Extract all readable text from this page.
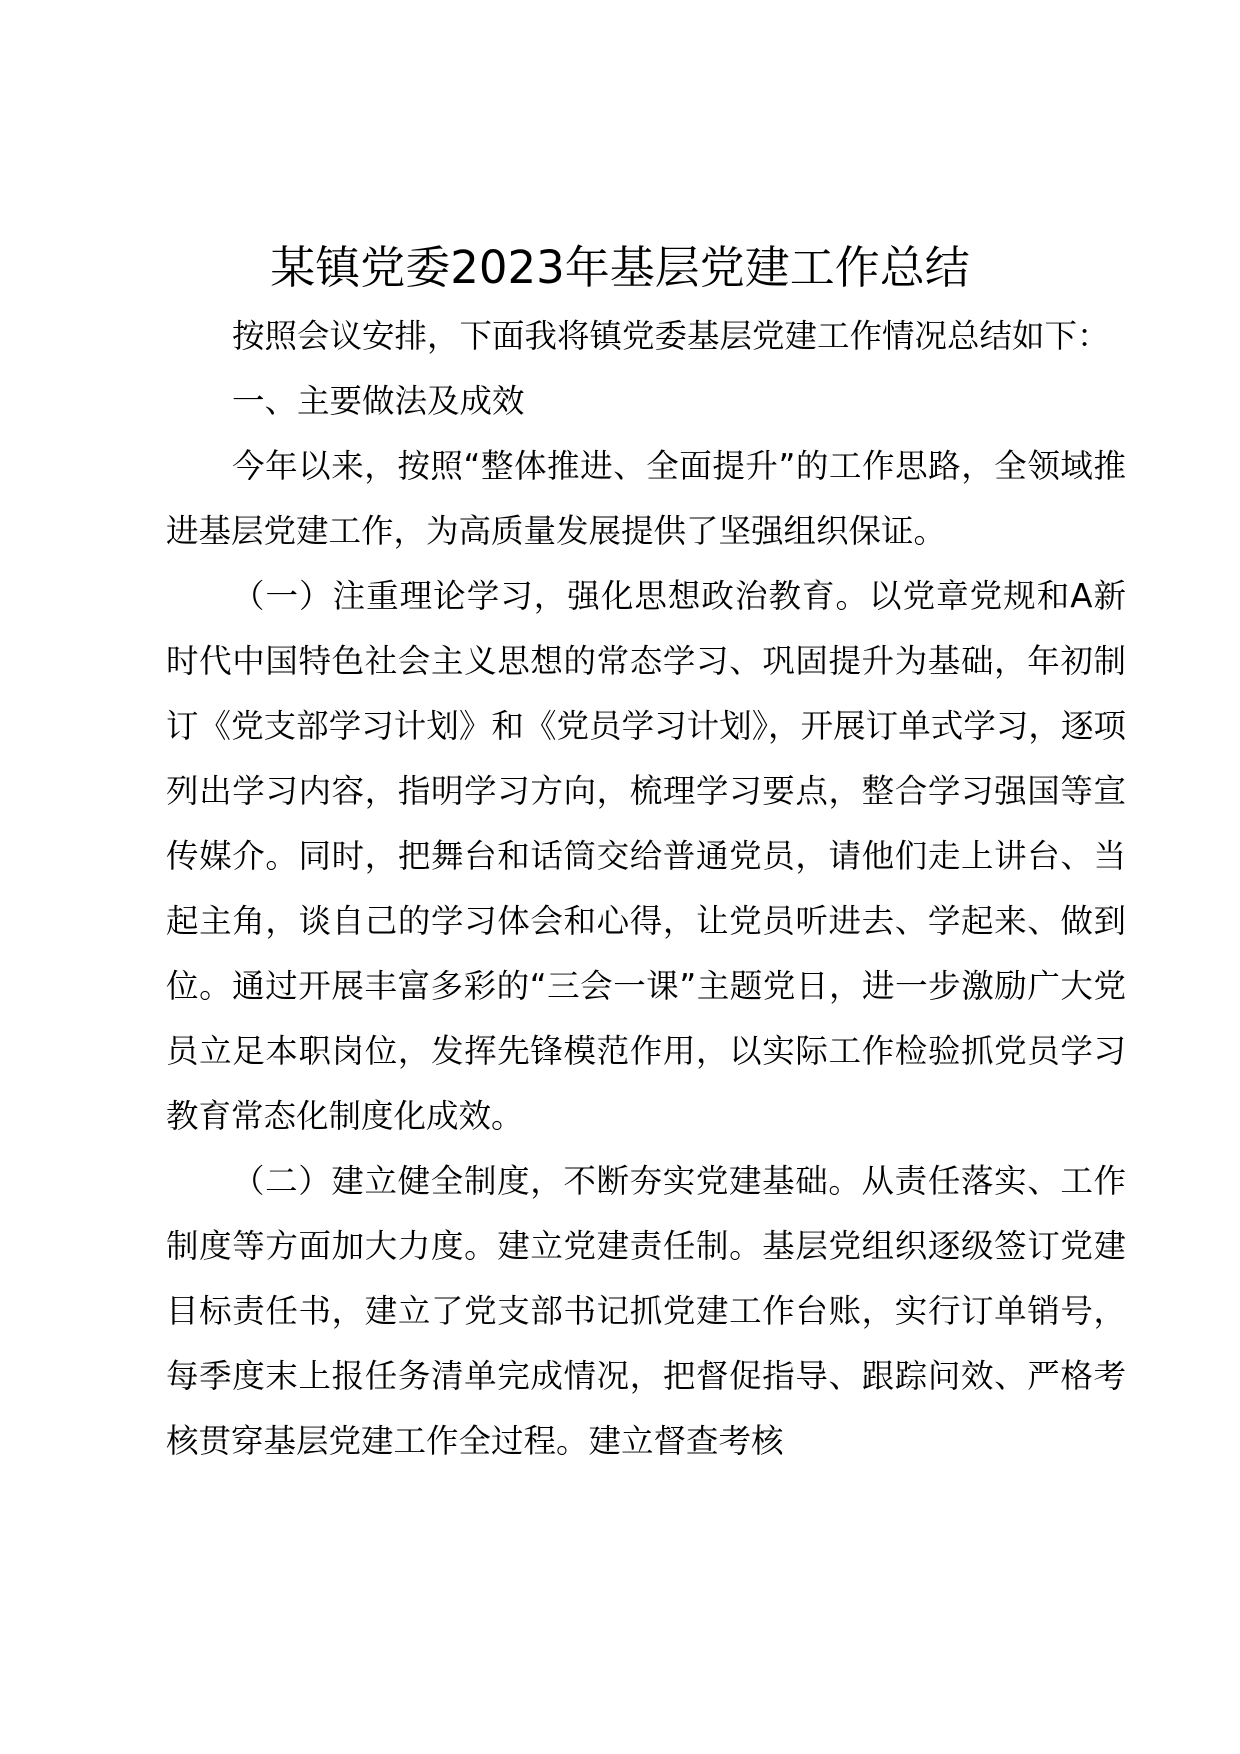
某镇党委2023年基层党建工作总结

按照会议安排，下面我将镇党委基层党建工作情况总结如下：

一、主要做法及成效

今年以来，按照“整体推进、全面提升”的工作思路，全领域推进基层党建工作，为高质量发展提供了坚强组织保证。

（一）注重理论学习，强化思想政治教育。以党章党规和A新时代中国特色社会主义思想的常态学习、巩固提升为基础，年初制订《党支部学习计划》和《党员学习计划》，开展订单式学习，逐项列出学习内容，指明学习方向，梳理学习要点，整合学习强国等宣传媒介。同时，把舞台和话筒交给普通党员，请他们走上讲台、当起主角，谈自己的学习体会和心得，让党员听进去、学起来、做到位。通过开展丰富多彩的“三会一课”主题党日，进一步激励广大党员立足本职岗位，发挥先锋模范作用，以实际工作检验抓党员学习教育常态化制度化成效。

（二）建立健全制度，不断夯实党建基础。从责任落实、工作制度等方面加大力度。建立党建责任制。基层党组织逐级签订党建目标责任书，建立了党支部书记抓党建工作台账，实行订单销号，每季度末上报任务清单完成情况，把督促指导、跟踪问效、严格考核贯穿基层党建工作全过程。建立督查考核
